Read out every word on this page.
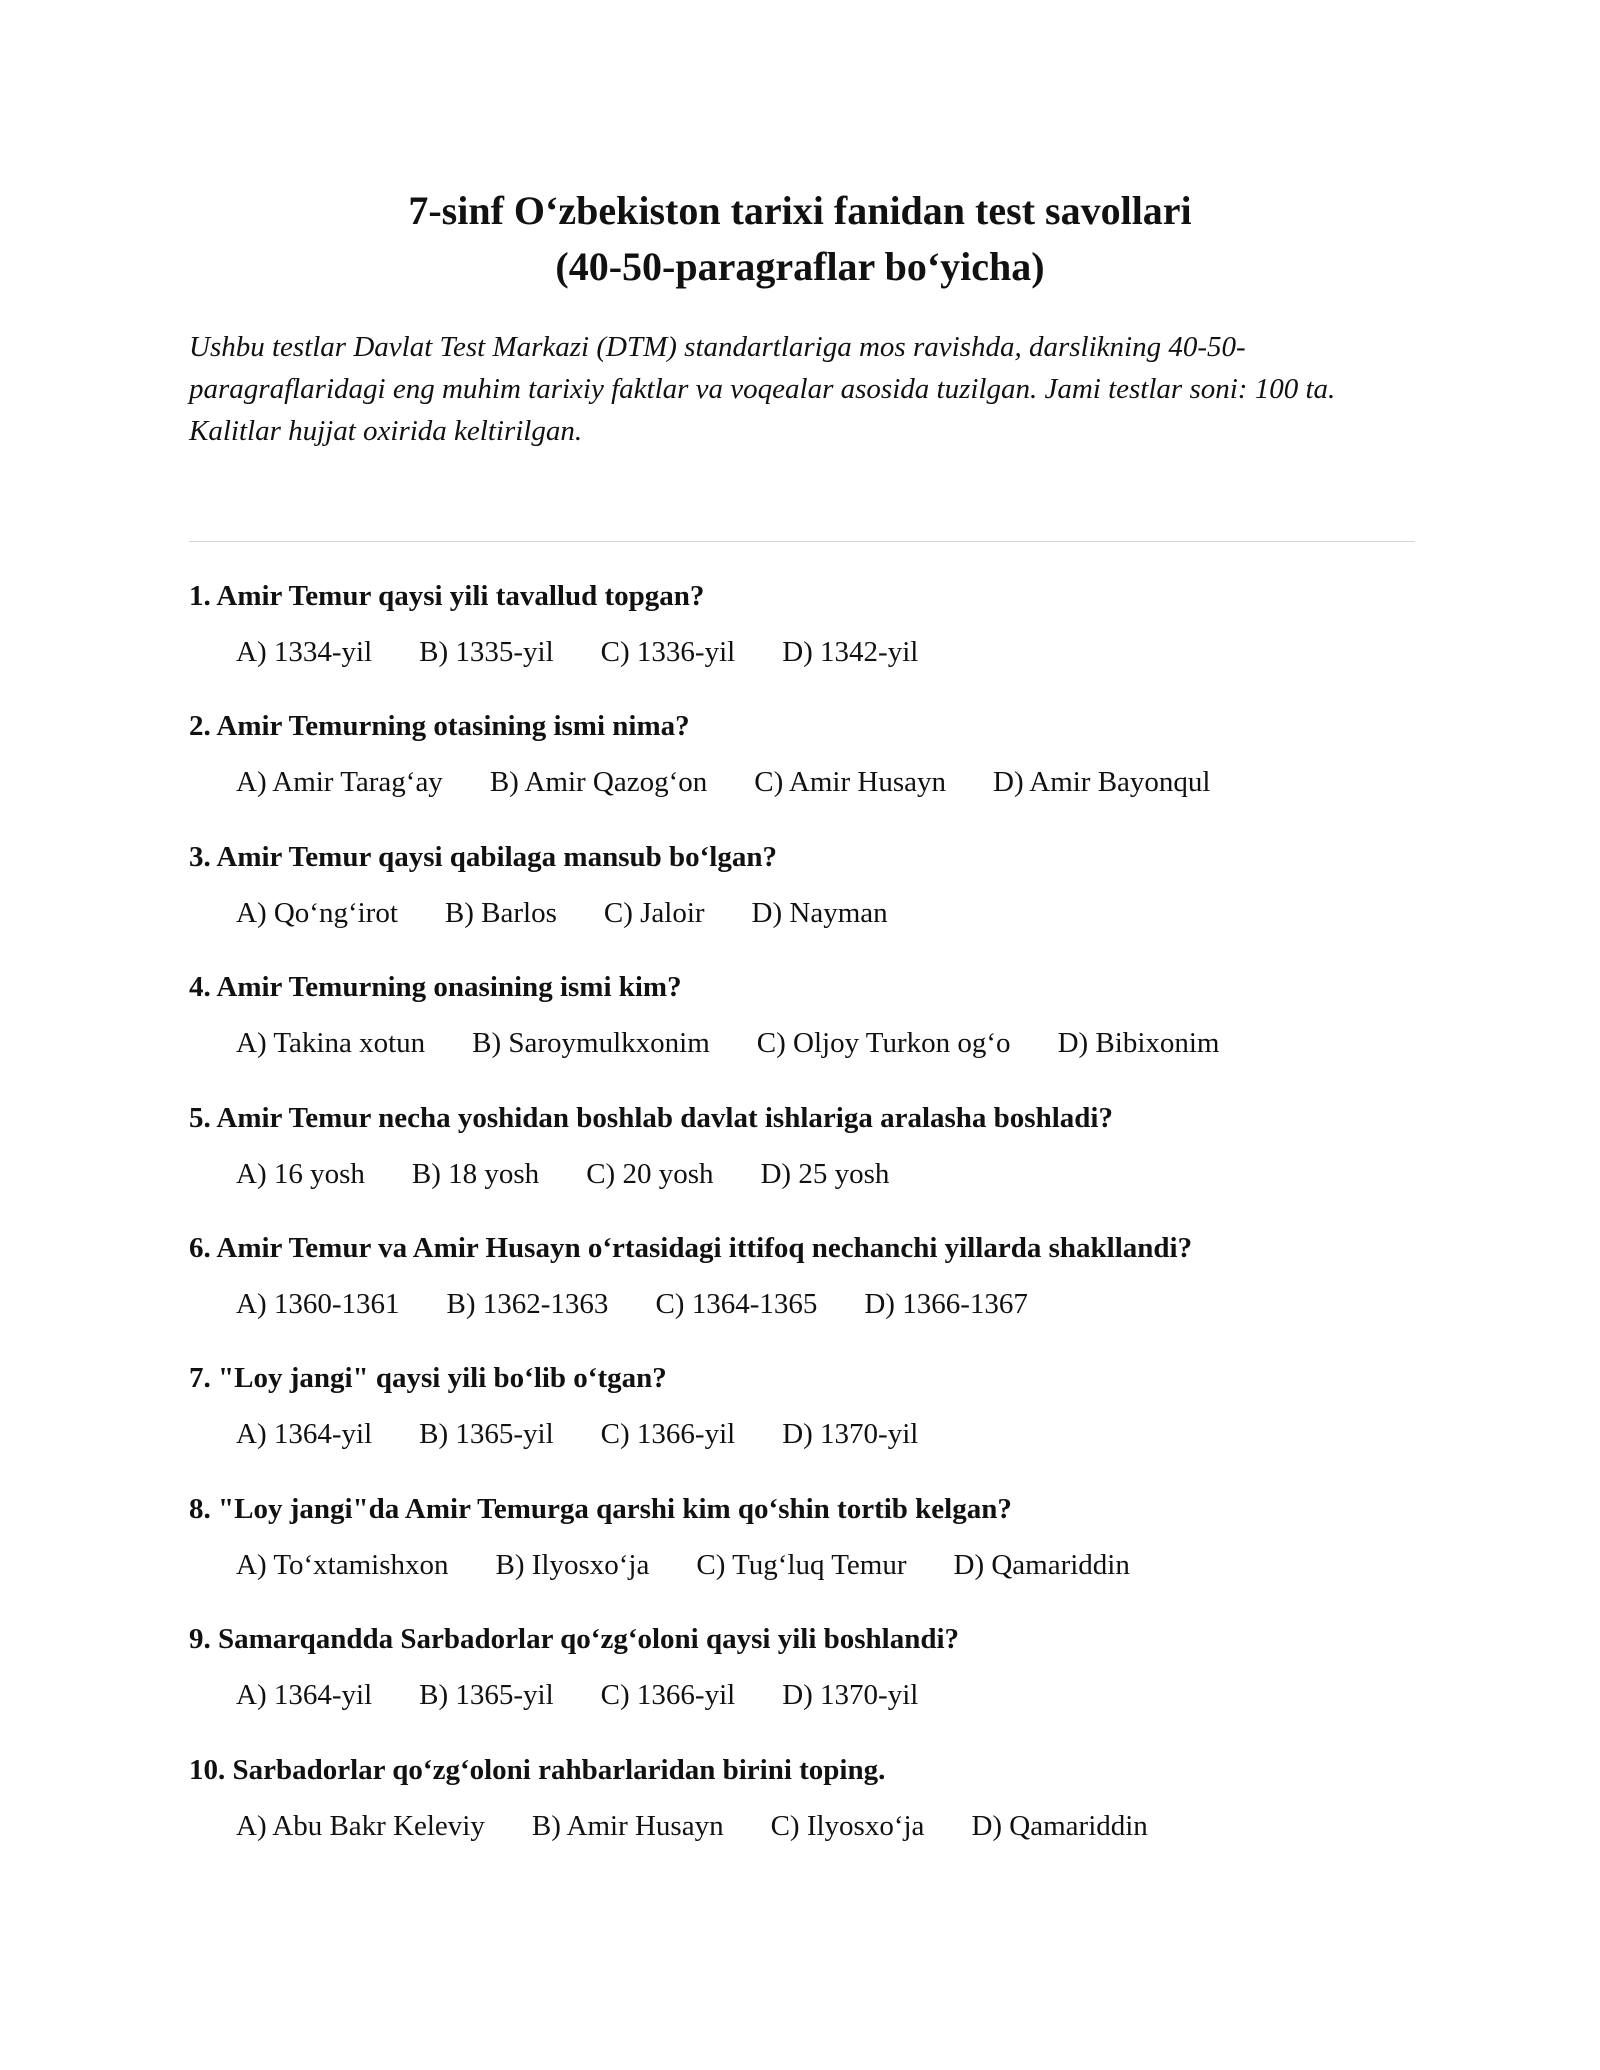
7-sinf O‘zbekiston tarixi fanidan test savollari

(40-50-paragraflar bo‘yicha)

Ushbu testlar Davlat Test Markazi (DTM) standartlariga mos ravishda, darslikning 40-50-paragraflaridagi eng muhim tarixiy faktlar va voqealar asosida tuzilgan. Jami testlar soni: 100 ta. Kalitlar hujjat oxirida keltirilgan.

1. Amir Temur qaysi yili tavallud topgan?

A) 1334-yil B) 1335-yil C) 1336-yil D) 1342-yil

2. Amir Temurning otasining ismi nima?

A) Amir Tarag‘ay B) Amir Qazog‘on C) Amir Husayn D) Amir Bayonqul

3. Amir Temur qaysi qabilaga mansub bo‘lgan?

A) Qo‘ng‘irot B) Barlos C) Jaloir D) Nayman

4. Amir Temurning onasining ismi kim?

A) Takina xotun B) Saroymulkxonim C) Oljoy Turkon og‘o D) Bibixonim

5. Amir Temur necha yoshidan boshlab davlat ishlariga aralasha boshladi?

A) 16 yosh B) 18 yosh C) 20 yosh D) 25 yosh

6. Amir Temur va Amir Husayn o‘rtasidagi ittifoq nechanchi yillarda shakllandi?

A) 1360-1361 B) 1362-1363 C) 1364-1365 D) 1366-1367

7. "Loy jangi" qaysi yili bo‘lib o‘tgan?

A) 1364-yil B) 1365-yil C) 1366-yil D) 1370-yil

8. "Loy jangi"da Amir Temurga qarshi kim qo‘shin tortib kelgan?

A) To‘xtamishxon B) Ilyosxo‘ja C) Tug‘luq Temur D) Qamariddin

9. Samarqandda Sarbadorlar qo‘zg‘oloni qaysi yili boshlandi?

A) 1364-yil B) 1365-yil C) 1366-yil D) 1370-yil

10. Sarbadorlar qo‘zg‘oloni rahbarlaridan birini toping.

A) Abu Bakr Keleviy B) Amir Husayn C) Ilyosxo‘ja D) Qamariddin
